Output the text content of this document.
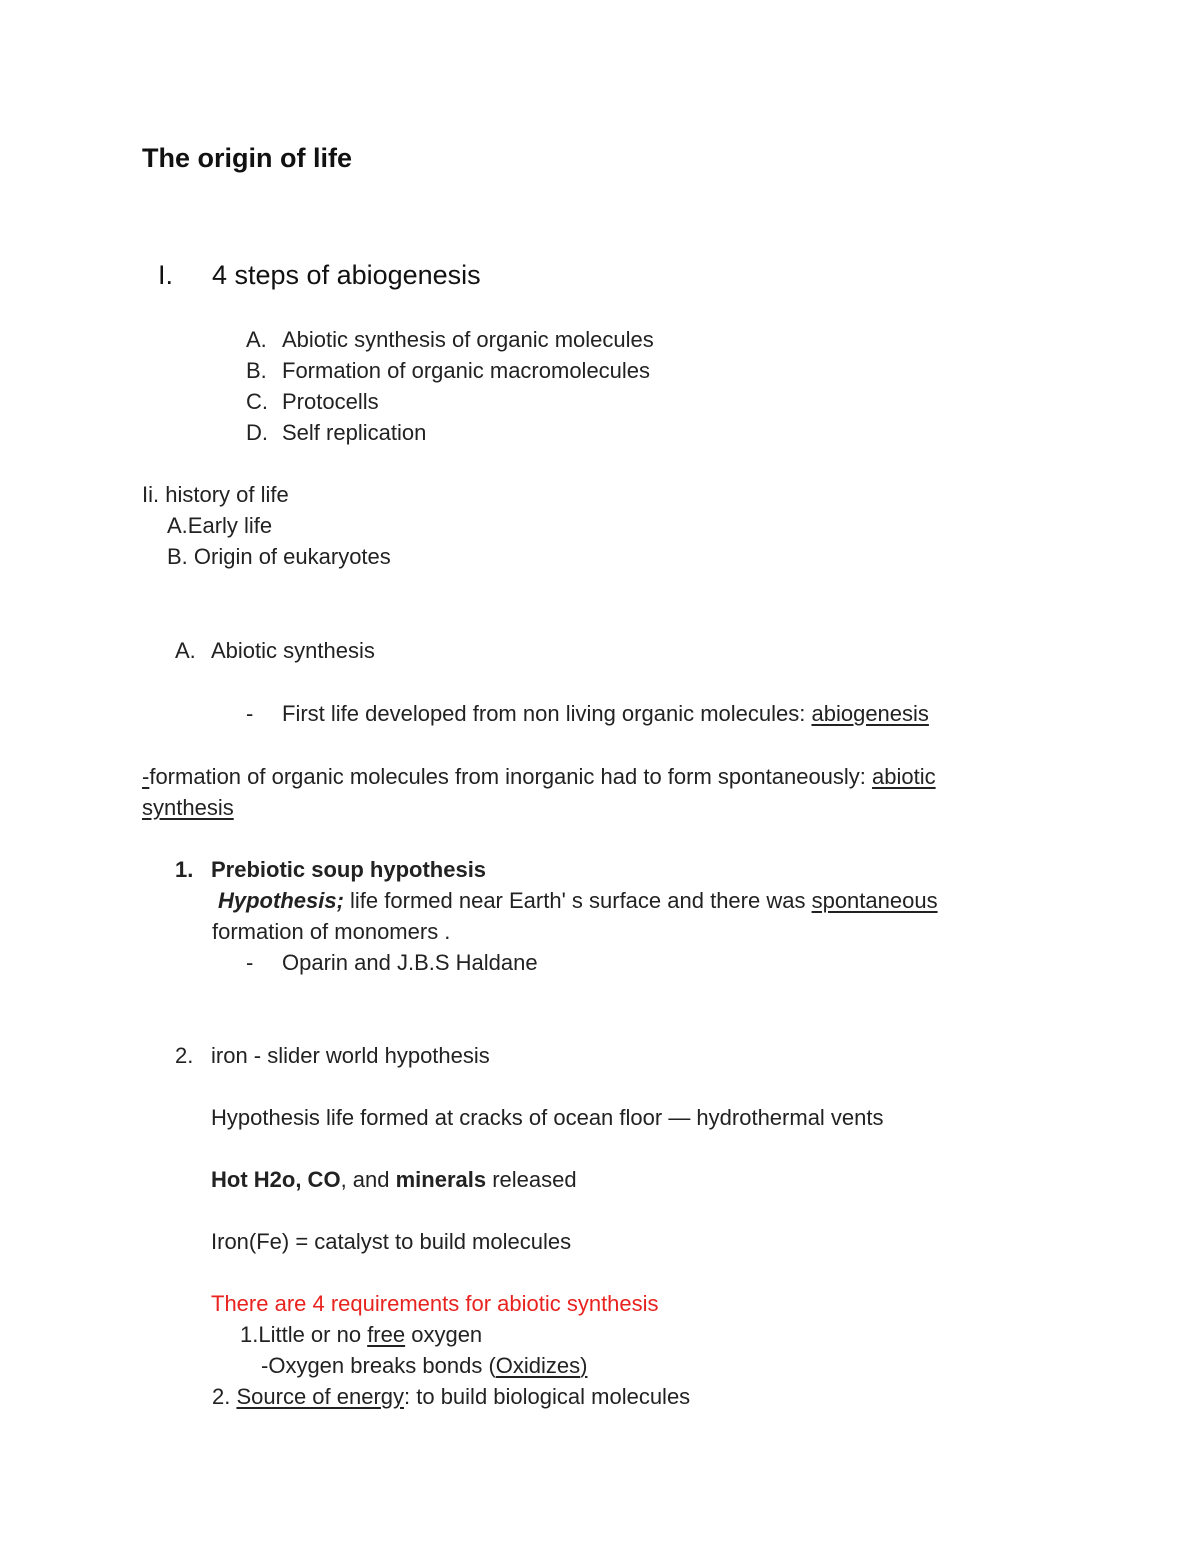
The origin of life
I. 4 steps of abiogenesis
A. Abiotic synthesis of organic molecules
B. Formation of organic macromolecules
C. Protocells
D. Self replication
Ii. history of life
A.Early life
B. Origin of eukaryotes
A. Abiotic synthesis
- First life developed from non living organic molecules: abiogenesis
-formation of organic molecules from inorganic had to form spontaneously: abiotic
synthesis
1. Prebiotic soup hypothesis
Hypothesis; life formed near Earth' s surface and there was spontaneous
formation of monomers .
- Oparin and J.B.S Haldane
2. iron - slider world hypothesis
Hypothesis life formed at cracks of ocean floor — hydrothermal vents
Hot H2o, CO, and minerals released
Iron(Fe) = catalyst to build molecules
There are 4 requirements for abiotic synthesis
1.Little or no free oxygen
-Oxygen breaks bonds (Oxidizes)
2. Source of energy: to build biological molecules
